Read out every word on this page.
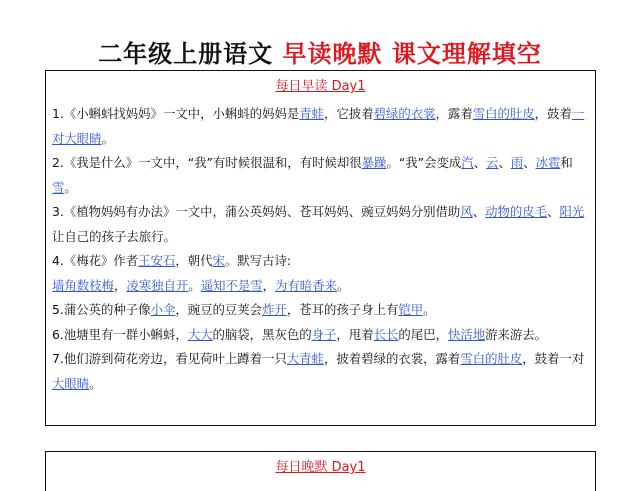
二年级上册语文 早读晚默 课文理解填空
每日早读 Day1
1.《小蝌蚪找妈妈》一文中，小蝌蚪的妈妈是青蛙，它披着碧绿的衣裳，露着雪白的肚皮，鼓着一对大眼睛。
2.《我是什么》一文中，“我”有时候很温和，有时候却很暴躁。“我”会变成汽、云、雨、冰雹和雪。
3.《植物妈妈有办法》一文中，蒲公英妈妈、苍耳妈妈、豌豆妈妈分别借助风、动物的皮毛、阳光让自己的孩子去旅行。
4.《梅花》作者王安石，朝代宋。默写古诗:
墙角数枝梅，凌寒独自开。遥知不是雪，为有暗香来。
5.蒲公英的种子像小伞，豌豆的豆荚会炸开，苍耳的孩子身上有铠甲。
6.池塘里有一群小蝌蚪，大大的脑袋，黑灰色的身子，甩着长长的尾巴，快活地游来游去。
7.他们游到荷花旁边，看见荷叶上蹲着一只大青蛙，披着碧绿的衣裳，露着雪白的肚皮，鼓着一对大眼睛。
每日晚默 Day1
